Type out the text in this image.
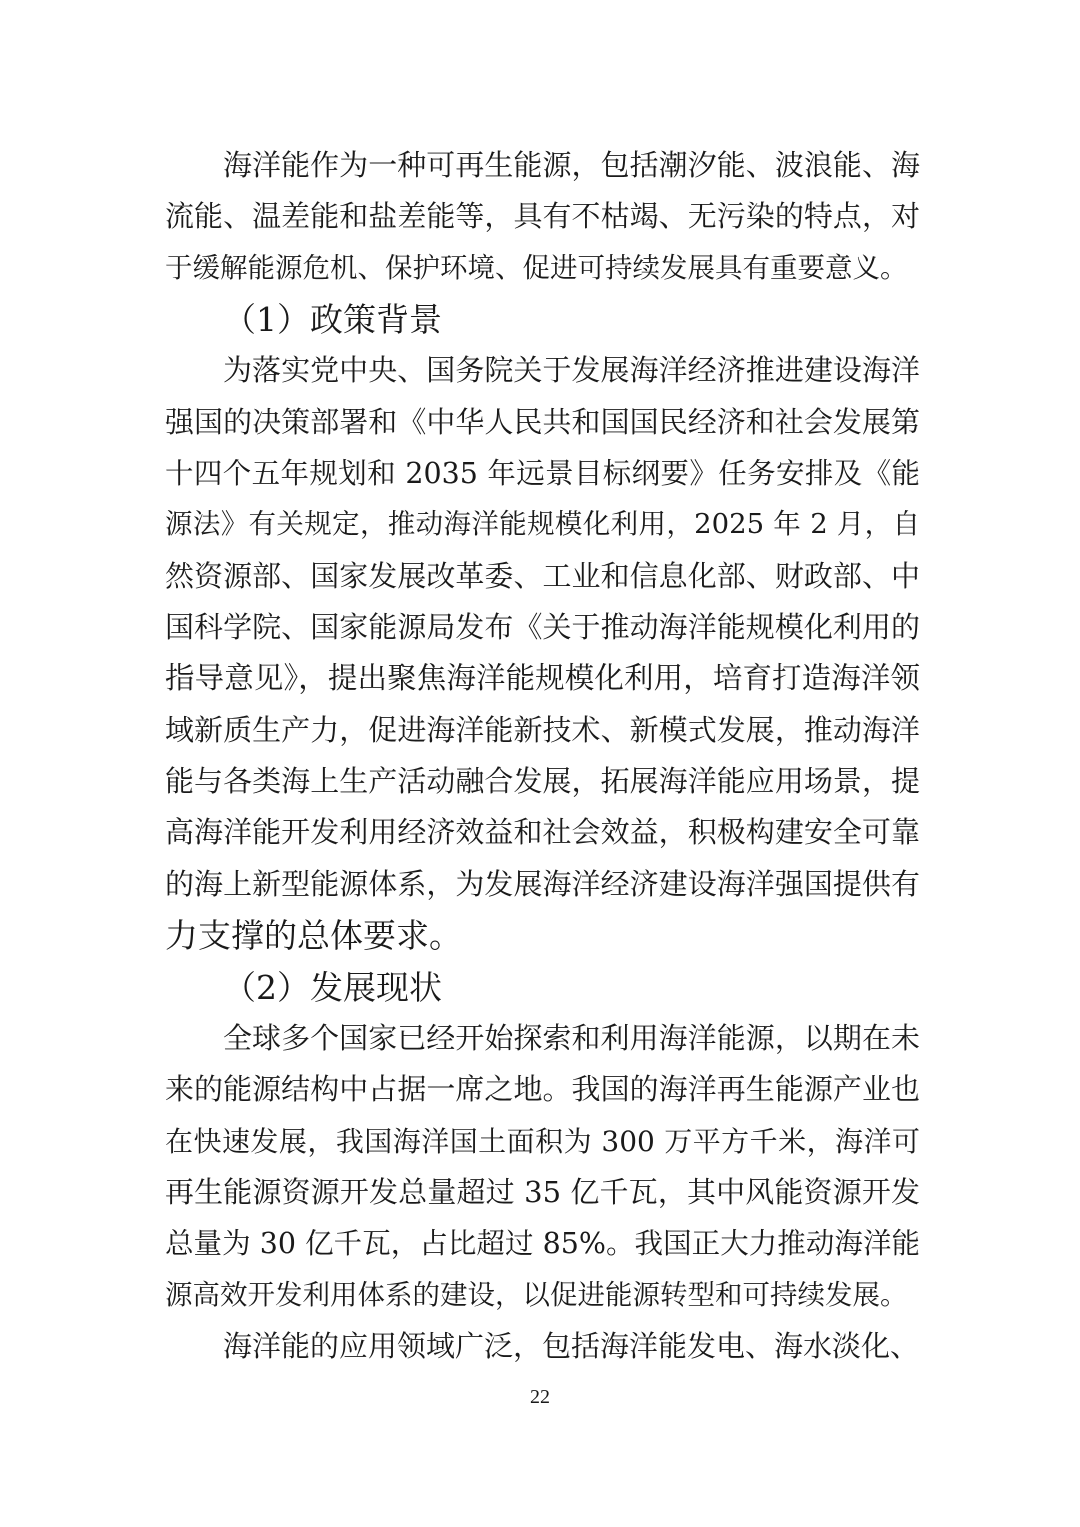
海洋能作为一种可再生能源，包括潮汐能、波浪能、海
流能、温差能和盐差能等，具有不枯竭、无污染的特点，对
于缓解能源危机、保护环境、促进可持续发展具有重要意义。
（1）政策背景
为落实党中央、国务院关于发展海洋经济推进建设海洋
强国的决策部署和《中华人民共和国国民经济和社会发展第
十四个五年规划和 2035 年远景目标纲要》任务安排及《能
源法》有关规定，推动海洋能规模化利用，2025 年 2 月，自
然资源部、国家发展改革委、工业和信息化部、财政部、中
国科学院、国家能源局发布《关于推动海洋能规模化利用的
指导意见》，提出聚焦海洋能规模化利用，培育打造海洋领
域新质生产力，促进海洋能新技术、新模式发展，推动海洋
能与各类海上生产活动融合发展，拓展海洋能应用场景，提
高海洋能开发利用经济效益和社会效益，积极构建安全可靠
的海上新型能源体系，为发展海洋经济建设海洋强国提供有
力支撑的总体要求。
（2）发展现状
全球多个国家已经开始探索和利用海洋能源，以期在未
来的能源结构中占据一席之地。我国的海洋再生能源产业也
在快速发展，我国海洋国土面积为 300 万平方千米，海洋可
再生能源资源开发总量超过 35 亿千瓦，其中风能资源开发
总量为 30 亿千瓦，占比超过 85%。我国正大力推动海洋能
源高效开发利用体系的建设，以促进能源转型和可持续发展。
海洋能的应用领域广泛，包括海洋能发电、海水淡化、
22
